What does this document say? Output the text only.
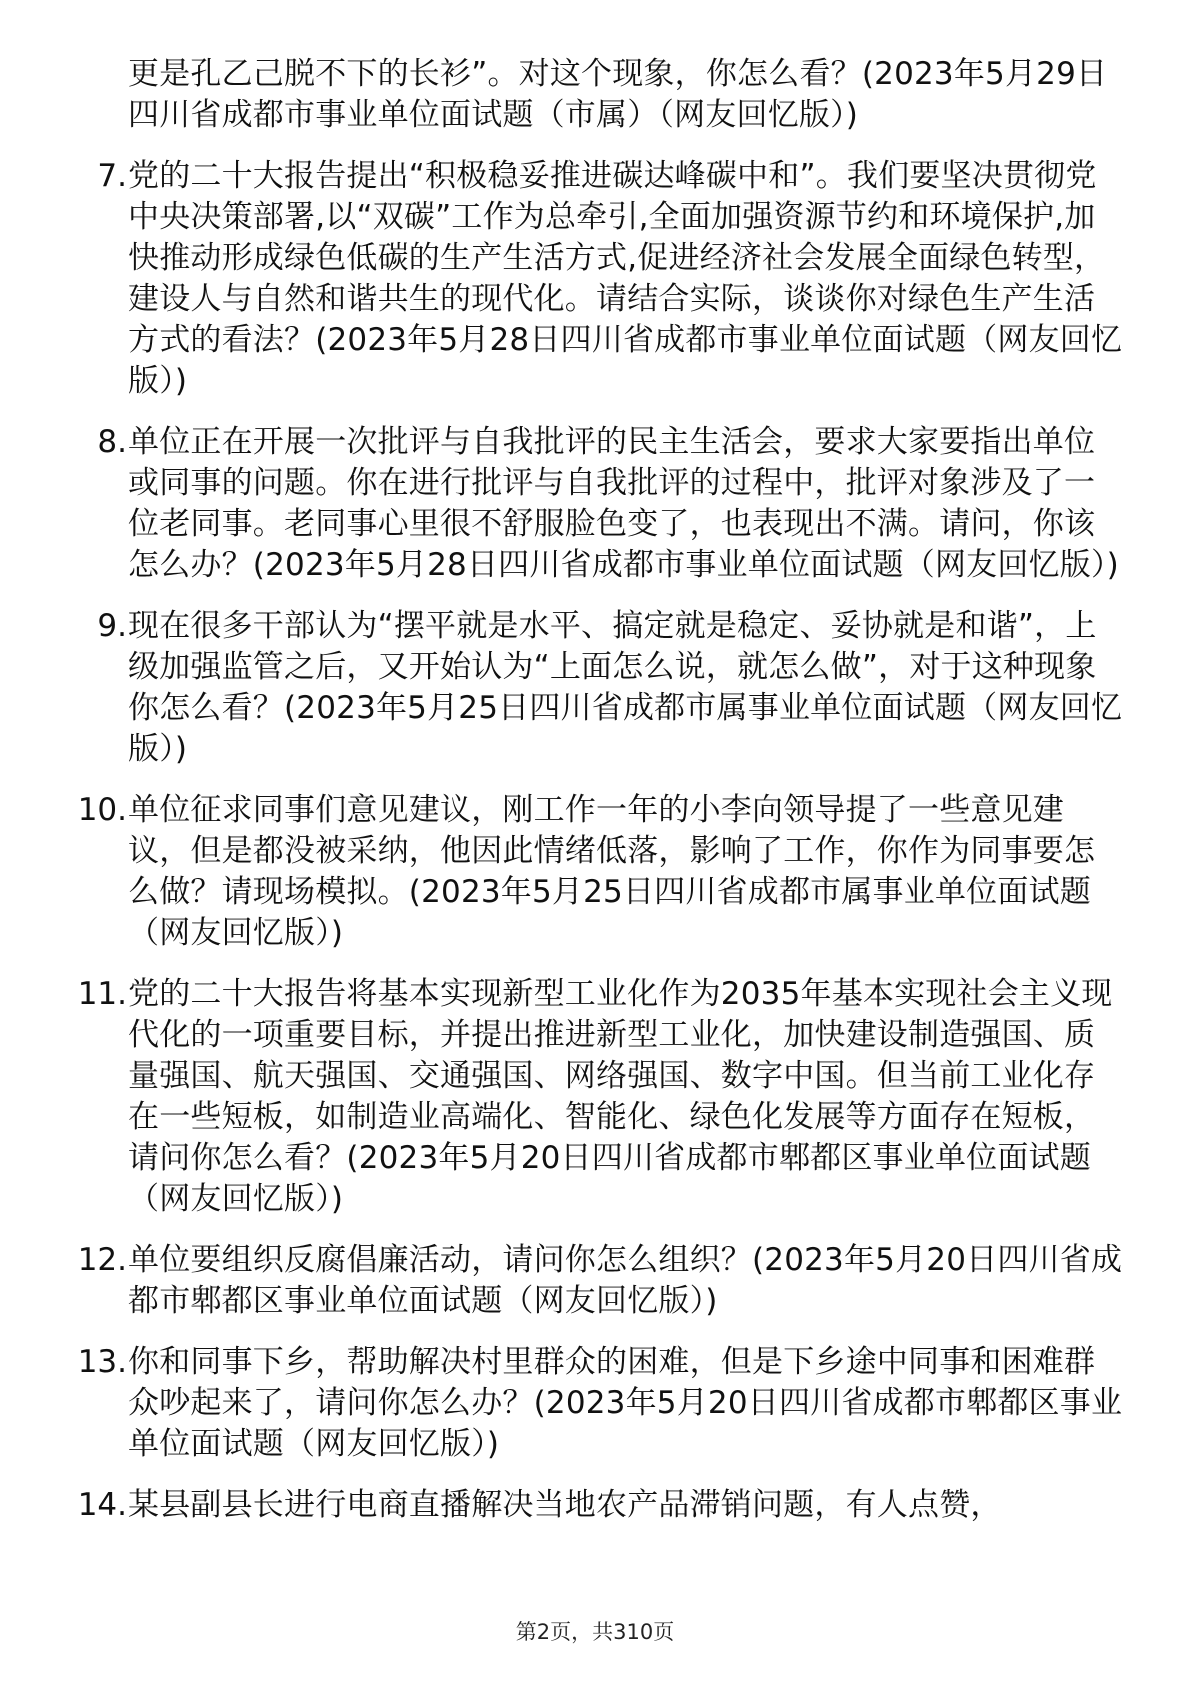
更是孔乙己脱不下的长衫”。对这个现象，你怎么看？(2023年5月29日四川省成都市事业单位面试题（市属）（网友回忆版）)
7. 党的二十大报告提出“积极稳妥推进碳达峰碳中和”。我们要坚决贯彻党中央决策部署,以“双碳”工作为总牵引,全面加强资源节约和环境保护,加快推动形成绿色低碳的生产生活方式,促进经济社会发展全面绿色转型，建设人与自然和谐共生的现代化。请结合实际，谈谈你对绿色生产生活方式的看法？(2023年5月28日四川省成都市事业单位面试题（网友回忆版）)
8. 单位正在开展一次批评与自我批评的民主生活会，要求大家要指出单位或同事的问题。你在进行批评与自我批评的过程中，批评对象涉及了一位老同事。老同事心里很不舒服脸色变了，也表现出不满。请问，你该怎么办？(2023年5月28日四川省成都市事业单位面试题（网友回忆版）)
9. 现在很多干部认为“摆平就是水平、搞定就是稳定、妥协就是和谐”，上级加强监管之后，又开始认为“上面怎么说，就怎么做”，对于这种现象你怎么看？(2023年5月25日四川省成都市属事业单位面试题（网友回忆版）)
10. 单位征求同事们意见建议，刚工作一年的小李向领导提了一些意见建议，但是都没被采纳，他因此情绪低落，影响了工作，你作为同事要怎么做？请现场模拟。(2023年5月25日四川省成都市属事业单位面试题（网友回忆版）)
11. 党的二十大报告将基本实现新型工业化作为2035年基本实现社会主义现代化的一项重要目标，并提出推进新型工业化，加快建设制造强国、质量强国、航天强国、交通强国、网络强国、数字中国。但当前工业化存在一些短板，如制造业高端化、智能化、绿色化发展等方面存在短板，请问你怎么看？(2023年5月20日四川省成都市郫都区事业单位面试题（网友回忆版）)
12. 单位要组织反腐倡廉活动，请问你怎么组织？(2023年5月20日四川省成都市郫都区事业单位面试题（网友回忆版）)
13. 你和同事下乡，帮助解决村里群众的困难，但是下乡途中同事和困难群众吵起来了，请问你怎么办？(2023年5月20日四川省成都市郫都区事业单位面试题（网友回忆版）)
14. 某县副县长进行电商直播解决当地农产品滞销问题，有人点赞，
第2页，共310页
